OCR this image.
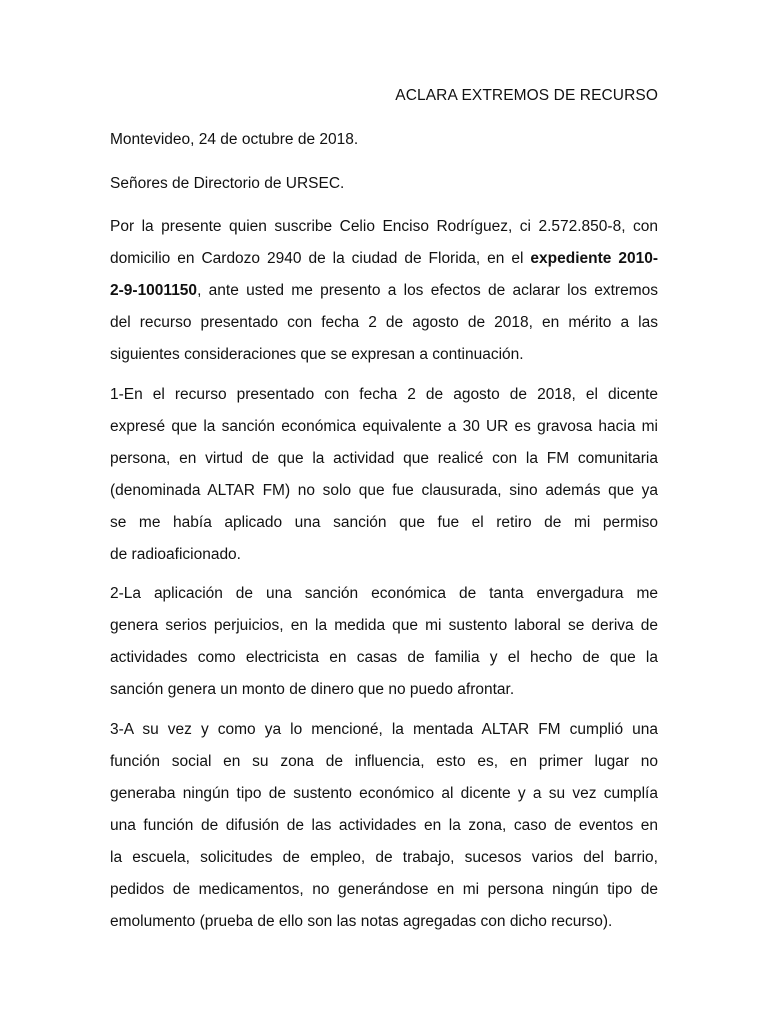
ACLARA EXTREMOS DE RECURSO

Montevideo, 24 de octubre de 2018.

Señores de Directorio de URSEC.

Por la presente quien suscribe Celio Enciso Rodríguez, ci 2.572.850-8, con
domicilio en Cardozo 2940 de la ciudad de Florida, en el expediente 2010-
2-9-1001150, ante usted me presento a los efectos de aclarar los extremos
del recurso presentado con fecha 2 de agosto de 2018, en mérito a las
siguientes consideraciones que se expresan a continuación.
1-En el recurso presentado con fecha 2 de agosto de 2018, el dicente
expresé que la sanción económica equivalente a 30 UR es gravosa hacia mi
persona, en virtud de que la actividad que realicé con la FM comunitaria
(denominada ALTAR FM) no solo que fue clausurada, sino además que ya
se me había aplicado una sanción que fue el retiro de mi permiso
de radioaficionado.
2-La aplicación de una sanción económica de tanta envergadura me
genera serios perjuicios, en la medida que mi sustento laboral se deriva de
actividades como electricista en casas de familia y el hecho de que la
sanción genera un monto de dinero que no puedo afrontar.
3-A su vez y como ya lo mencioné, la mentada ALTAR FM cumplió una
función social en su zona de influencia, esto es, en primer lugar no
generaba ningún tipo de sustento económico al dicente y a su vez cumplía
una función de difusión de las actividades en la zona, caso de eventos en
la escuela, solicitudes de empleo, de trabajo, sucesos varios del barrio,
pedidos de medicamentos, no generándose en mi persona ningún tipo de
emolumento (prueba de ello son las notas agregadas con dicho recurso).
